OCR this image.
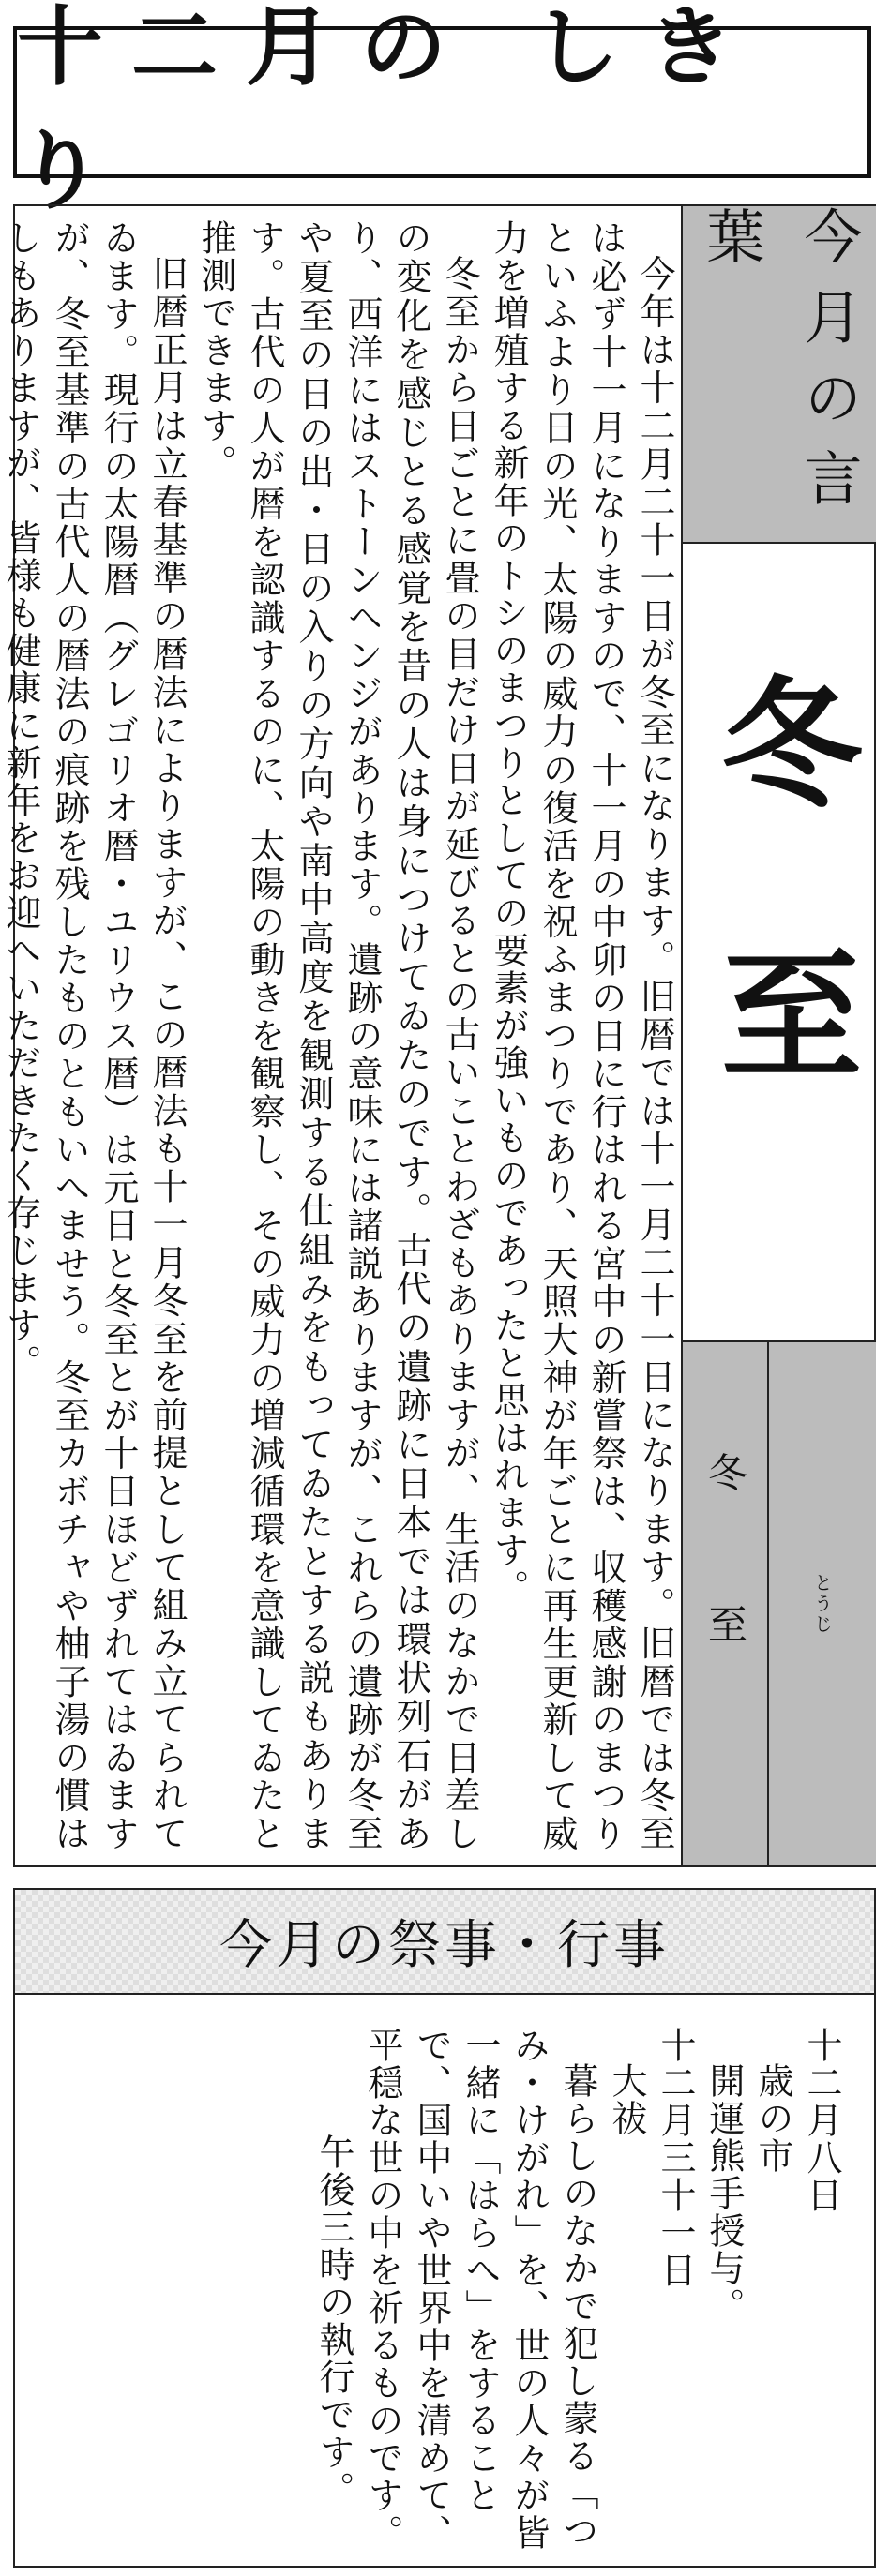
十二月の しきり

今年は十二月二十一日が冬至になります。旧暦では十一月二十一日になります。旧暦では冬至は必ず十一月になりますので、十一月の中卯の日に行はれる宮中の新嘗祭は、収穫感謝のまつりといふより日の光、太陽の威力の復活を祝ふまつりであり、天照大神が年ごとに再生更新して威力を増殖する新年のトシのまつりとしての要素が強いものであったと思はれます。

冬至から日ごとに畳の目だけ日が延びるとの古いことわざもありますが、生活のなかで日差しの変化を感じとる感覚を昔の人は身につけてゐたのです。古代の遺跡に日本では環状列石があり、西洋にはストーンヘンジがあります。遺跡の意味には諸説ありますが、これらの遺跡が冬至や夏至の日の出・日の入りの方向や南中高度を観測する仕組みをもってゐたとする説もあります。古代の人が暦を認識するのに、太陽の動きを観察し、その威力の増減循環を意識してゐたと推測できます。

旧暦正月は立春基準の暦法によりますが、この暦法も十一月冬至を前提として組み立てられてゐます。現行の太陽暦（グレゴリオ暦・ユリウス暦）は元日と冬至とが十日ほどずれてはゐますが、冬至基準の古代人の暦法の痕跡を残したものともいへませう。冬至カボチャや柚子湯の慣はしもありますが、皆様も健康に新年をお迎へいただきたく存じます。	今月の言葉
冬至
冬至	とうじ
今月の祭事・行事

十二月八日

歳の市

開運熊手授与。

十二月三十一日

大祓

暮らしのなかで犯し蒙る「つみ・けがれ」を、世の人々が皆一緒に「はらへ」をすることで、国中いや世界中を清めて、平穏な世の中を祈るものです。

午後三時の執行です。
